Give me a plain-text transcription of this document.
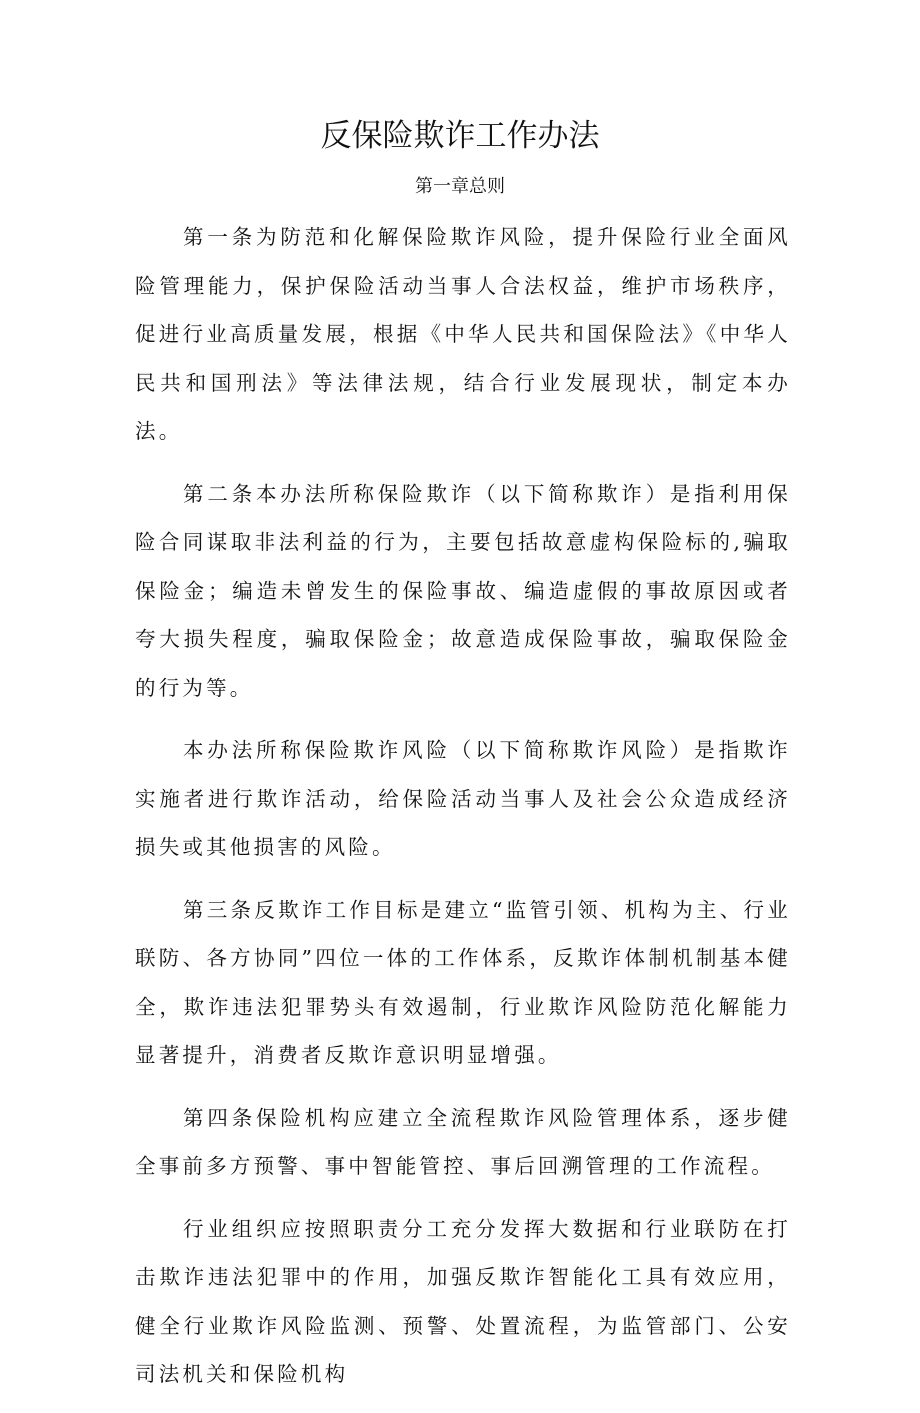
反保险欺诈工作办法
第一章总则

第一条为防范和化解保险欺诈风险，提升保险行业全面风险管理能力，保护保险活动当事人合法权益，维护市场秩序，促进行业高质量发展，根据《中华人民共和国保险法》《中华人民共和国刑法》等法律法规，结合行业发展现状，制定本办法。

第二条本办法所称保险欺诈（以下简称欺诈）是指利用保险合同谋取非法利益的行为，主要包括故意虚构保险标的,骗取保险金；编造未曾发生的保险事故、编造虚假的事故原因或者夸大损失程度，骗取保险金；故意造成保险事故，骗取保险金的行为等。

本办法所称保险欺诈风险（以下简称欺诈风险）是指欺诈实施者进行欺诈活动，给保险活动当事人及社会公众造成经济损失或其他损害的风险。

第三条反欺诈工作目标是建立“监管引领、机构为主、行业联防、各方协同”四位一体的工作体系，反欺诈体制机制基本健全，欺诈违法犯罪势头有效遏制，行业欺诈风险防范化解能力显著提升，消费者反欺诈意识明显增强。

第四条保险机构应建立全流程欺诈风险管理体系，逐步健全事前多方预警、事中智能管控、事后回溯管理的工作流程。

行业组织应按照职责分工充分发挥大数据和行业联防在打击欺诈违法犯罪中的作用，加强反欺诈智能化工具有效应用，健全行业欺诈风险监测、预警、处置流程，为监管部门、公安司法机关和保险机构
